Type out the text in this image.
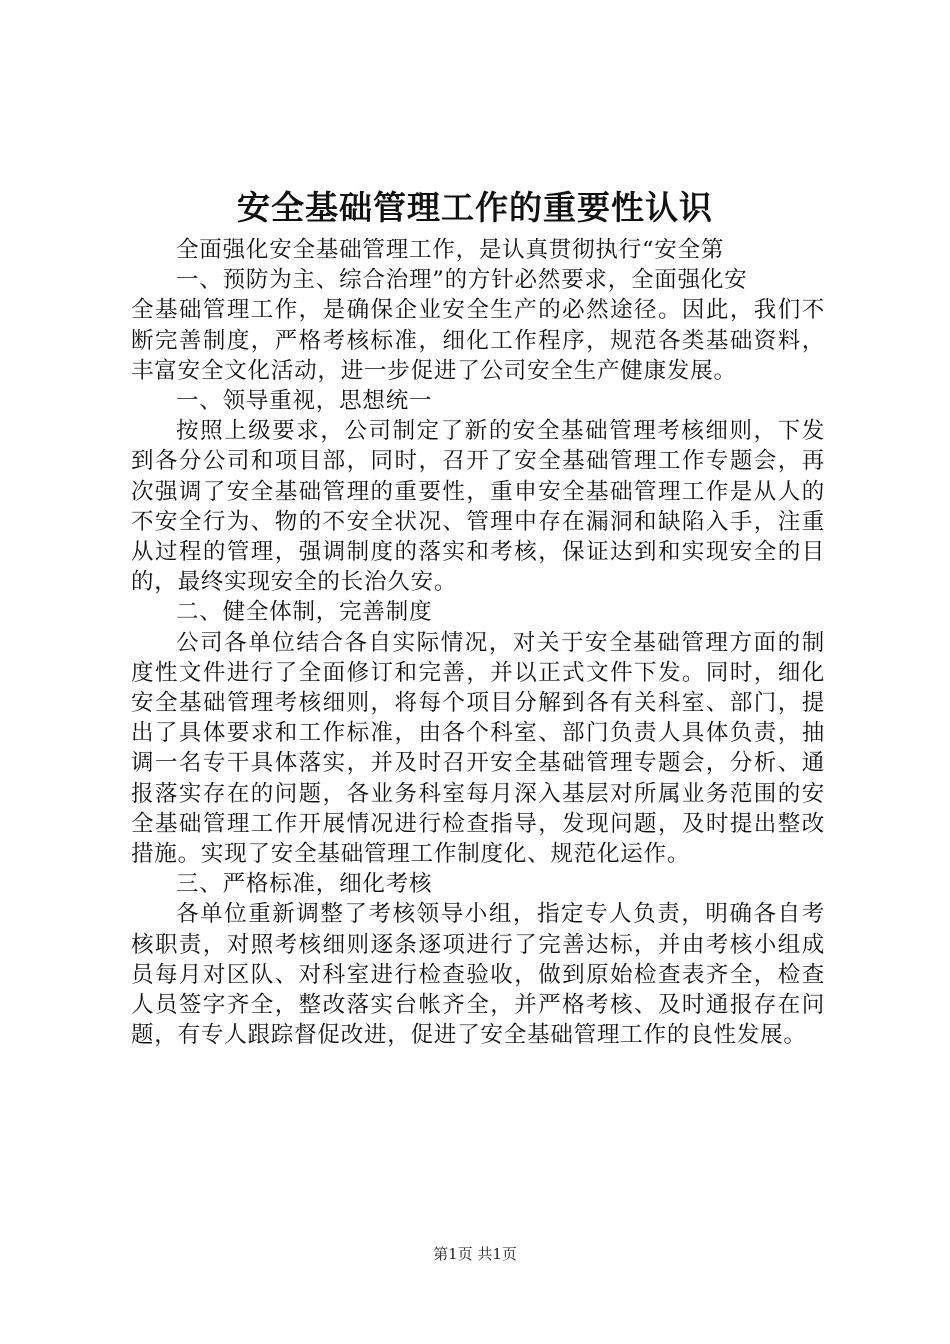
安全基础管理工作的重要性认识

全面强化安全基础管理工作，是认真贯彻执行“安全第

一、预防为主、综合治理”的方针必然要求，全面强化安

全基础管理工作，是确保企业安全生产的必然途径。因此，我们不断完善制度，严格考核标准，细化工作程序，规范各类基础资料，丰富安全文化活动，进一步促进了公司安全生产健康发展。

一、领导重视，思想统一

按照上级要求，公司制定了新的安全基础管理考核细则，下发到各分公司和项目部，同时，召开了安全基础管理工作专题会，再次强调了安全基础管理的重要性，重申安全基础管理工作是从人的不安全行为、物的不安全状况、管理中存在漏洞和缺陷入手，注重从过程的管理，强调制度的落实和考核，保证达到和实现安全的目的，最终实现安全的长治久安。

二、健全体制，完善制度

公司各单位结合各自实际情况，对关于安全基础管理方面的制度性文件进行了全面修订和完善，并以正式文件下发。同时，细化安全基础管理考核细则，将每个项目分解到各有关科室、部门，提出了具体要求和工作标准，由各个科室、部门负责人具体负责，抽调一名专干具体落实，并及时召开安全基础管理专题会，分析、通报落实存在的问题，各业务科室每月深入基层对所属业务范围的安全基础管理工作开展情况进行检查指导，发现问题，及时提出整改措施。实现了安全基础管理工作制度化、规范化运作。

三、严格标准，细化考核

各单位重新调整了考核领导小组，指定专人负责，明确各自考核职责，对照考核细则逐条逐项进行了完善达标，并由考核小组成员每月对区队、对科室进行检查验收，做到原始检查表齐全，检查人员签字齐全，整改落实台帐齐全，并严格考核、及时通报存在问题，有专人跟踪督促改进，促进了安全基础管理工作的良性发展。

第1页 共1页
